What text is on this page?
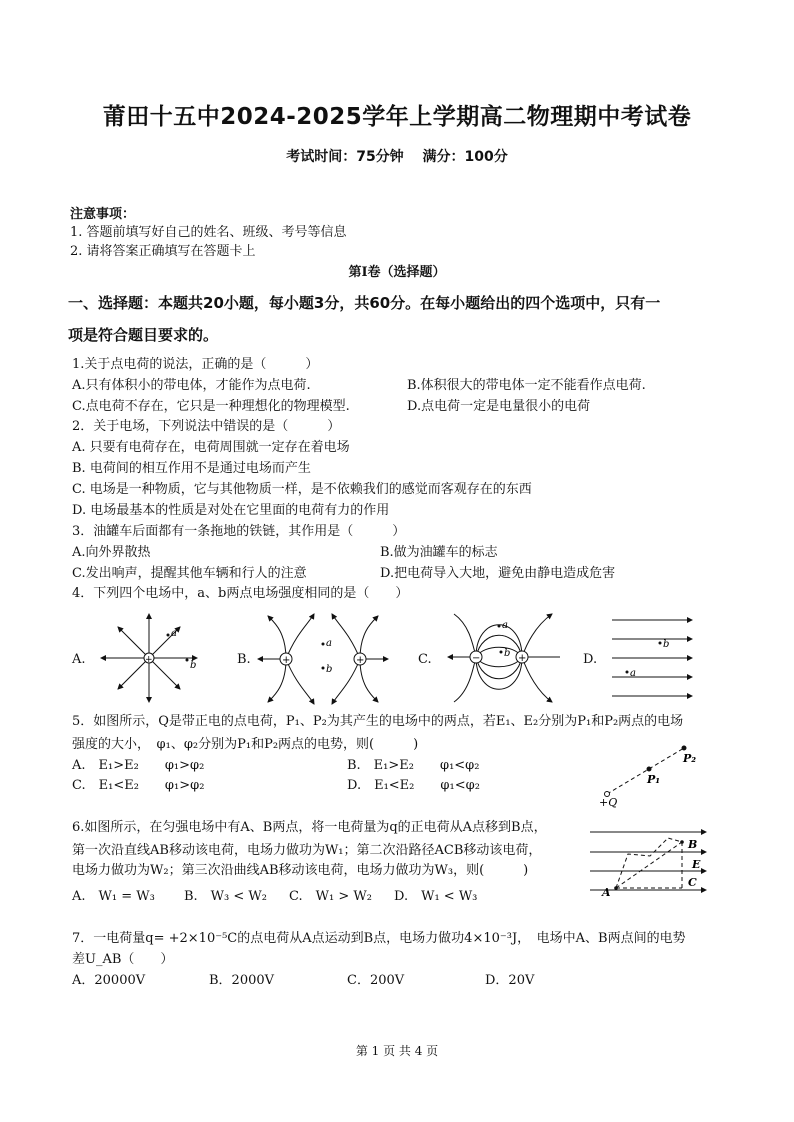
莆田十五中2024-2025学年上学期高二物理期中考试卷
考试时间：75分钟　 满分：100分
注意事项：
1. 答题前填写好自己的姓名、班级、考号等信息
2. 请将答案正确填写在答题卡上
第I卷（选择题）
一、选择题：本题共20小题，每小题3分，共60分。在每小题给出的四个选项中，只有一
项是符合题目要求的。
1.关于点电荷的说法，正确的是（　　　）
A.只有体积小的带电体，才能作为点电荷.	B.体积很大的带电体一定不能看作点电荷.
C.点电荷不存在，它只是一种理想化的物理模型.	D.点电荷一定是电量很小的电荷
2．关于电场，下列说法中错误的是（　　　）
A. 只要有电荷存在，电荷周围就一定存在着电场
B. 电荷间的相互作用不是通过电场而产生
C. 电场是一种物质，它与其他物质一样，是不依赖我们的感觉而客观存在的东西
D. 电场最基本的性质是对处在它里面的电荷有力的作用
3．油罐车后面都有一条拖地的铁链，其作用是（　　　）
A.向外界散热	B.做为油罐车的标志
C.发出响声，提醒其他车辆和行人的注意	D.把电荷导入大地，避免由静电造成危害
4．下列四个电场中，a、b两点电场强度相同的是（　　）
A.	+
a
b	B.	+	+
a
b
C.	−	+
a
b	D.
b
a
5．如图所示，Q是带正电的点电荷，P₁、P₂为其产生的电场中的两点，若E₁、E₂分别为P₁和P₂两点的电场
强度的大小，　φ₁、φ₂分别为P₁和P₂两点的电势，则(　　　)
A.　E₁>E₂　　φ₁>φ₂	B.　E₁>E₂　　φ₁<φ₂
C.　E₁<E₂　　φ₁>φ₂	D.　E₁<E₂　　φ₁<φ₂
+Q
P₁
P₂
6.如图所示，在匀强电场中有A、B两点，将一电荷量为q的正电荷从A点移到B点，
第一次沿直线AB移动该电荷，电场力做功为W₁；第二次沿路径ACB移动该电荷，
电场力做功为W₂；第三次沿曲线AB移动该电荷，电场力做功为W₃，则(　　　)
A.　W₁ = W₃ B.　W₃ < W₂ C.　W₁ > W₂ D.　W₁ < W₃	A
B
E
C
7．一电荷量q= +2×10⁻⁵C的点电荷从A点运动到B点，电场力做功4×10⁻³J，　电场中A、B两点间的电势
差U_AB（　　）
A．20000V	B．2000V	C．200V	D．20V
第 1 页 共 4 页
